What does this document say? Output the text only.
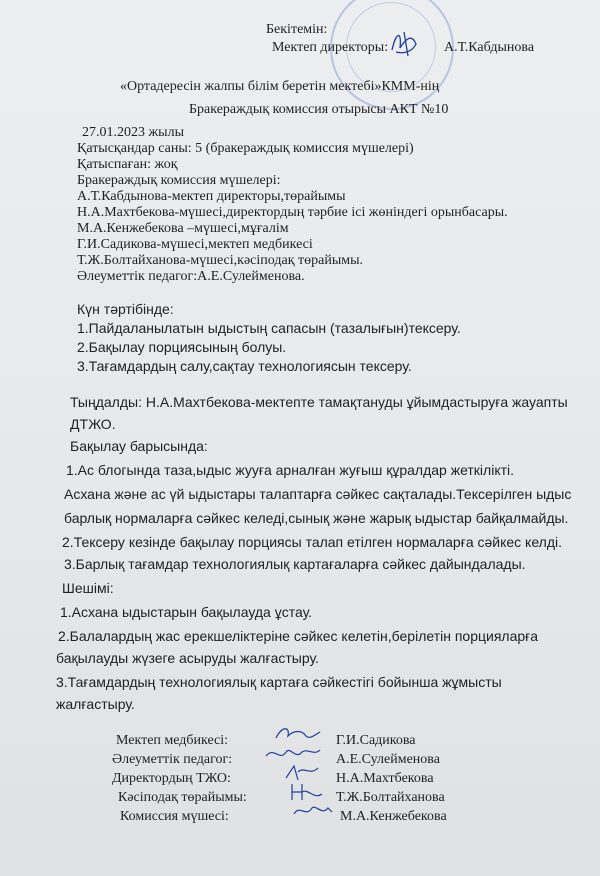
Бекітемін:
Мектеп директоры:	А.Т.Кабдынова
«Ортадересін жалпы білім беретін мектебі»КММ-нің
Бракераждық комиссия отырысы АКТ №10
27.01.2023 жылы
Қатысқандар саны: 5 (бракераждық комиссия мүшелері)
Қатыспаған: жоқ
Бракераждық комиссия мүшелері:
А.Т.Кабдынова-мектеп директоры,төрайымы
Н.А.Махтбекова-мүшесі,директордың тәрбие ісі жөніндегі орынбасары.
М.А.Кенжебекова –мүшесі,мұғалім
Г.И.Садикова-мүшесі,мектеп медбикесі
Т.Ж.Болтайханова-мүшесі,кәсіподақ төрайымы.
Әлеуметтік педагог:А.Е.Сулейменова.
Күн тәртібінде:
1.Пайдаланылатын ыдыстың сапасын (тазалығын)тексеру.
2.Бақылау порциясының болуы.
3.Тағамдардың салу,сақтау технологиясын тексеру.
Тыңдалды: Н.А.Махтбекова-мектепте тамақтануды ұйымдастыруға жауапты
ДТЖО.
Бақылау барысында:
1.Ас блогында таза,ыдыс жууға арналған жуғыш құралдар жеткілікті.
Асхана және ас үй ыдыстары талаптарға сәйкес сақталады.Тексерілген ыдыс
барлық нормаларға сәйкес келеді,сынық және жарық ыдыстар байқалмайды.
2.Тексеру кезінде бақылау порциясы талап етілген нормаларға сәйкес келді.
3.Барлық тағамдар технологиялық картағаларға сәйкес дайындалады.
Шешімі:
1.Асхана ыдыстарын бақылауда ұстау.
2.Балалардың жас ерекшеліктеріне сәйкес келетін,берілетін порцияларға
бақылауды жүзеге асыруды жалғастыру.
3.Тағамдардың технологиялық картаға сәйкестігі бойынша жұмысты
жалғастыру.
Мектеп медбикесі:	Г.И.Садикова
Әлеуметтік педагог:	А.Е.Сулейменова
Директордың ТЖО:	Н.А.Махтбекова
Кәсіподақ төрайымы:	Т.Ж.Болтайханова
Комиссия мүшесі:	М.А.Кенжебекова
